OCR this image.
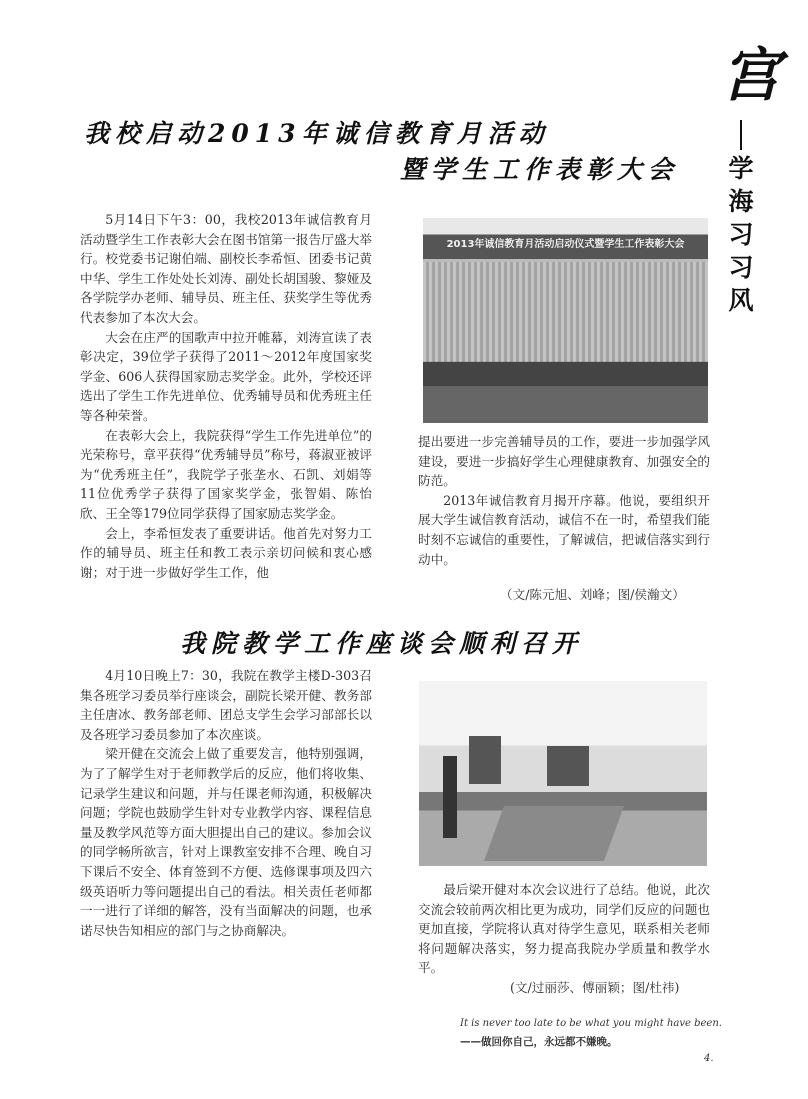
宫
学海习习风
我校启动2013年诚信教育月活动
暨学生工作表彰大会

5月14日下午3：00，我校2013年诚信教育月活动暨学生工作表彰大会在图书馆第一报告厅盛大举行。校党委书记谢伯端、副校长李希恒、团委书记黄中华、学生工作处处长刘涛、副处长胡国骏、黎娅及各学院学办老师、辅导员、班主任、获奖学生等优秀代表参加了本次大会。

大会在庄严的国歌声中拉开帷幕，刘涛宣读了表彰决定，39位学子获得了2011～2012年度国家奖学金、606人获得国家励志奖学金。此外，学校还评选出了学生工作先进单位、优秀辅导员和优秀班主任等各种荣誉。

在表彰大会上，我院获得“学生工作先进单位”的光荣称号，章平获得“优秀辅导员”称号，蒋淑亚被评为“优秀班主任”，我院学子张垄水、石凯、刘娟等11位优秀学子获得了国家奖学金，张智娟、陈怡欣、王全等179位同学获得了国家励志奖学金。

会上，李希恒发表了重要讲话。他首先对努力工作的辅导员、班主任和教工表示亲切问候和衷心感谢；对于进一步做好学生工作，他

2013年诚信教育月活动启动仪式暨学生工作表彰大会

提出要进一步完善辅导员的工作，要进一步加强学风建设，要进一步搞好学生心理健康教育、加强安全的防范。

2013年诚信教育月揭开序幕。他说，要组织开展大学生诚信教育活动，诚信不在一时，希望我们能时刻不忘诚信的重要性，了解诚信，把诚信落实到行动中。

（文/陈元旭、刘峰；图/侯瀚文）
我院教学工作座谈会顺利召开

4月10日晚上7：30，我院在教学主楼D-303召集各班学习委员举行座谈会，副院长梁开健、教务部主任唐冰、教务部老师、团总支学生会学习部部长以及各班学习委员参加了本次座谈。

梁开健在交流会上做了重要发言，他特别强调，为了了解学生对于老师教学后的反应，他们将收集、记录学生建议和问题，并与任课老师沟通，积极解决问题；学院也鼓励学生针对专业教学内容、课程信息量及教学风范等方面大胆提出自己的建议。参加会议的同学畅所欲言，针对上课教室安排不合理、晚自习下课后不安全、体育签到不方便、选修课事项及四六级英语听力等问题提出自己的看法。相关责任老师都一一进行了详细的解答，没有当面解决的问题，也承诺尽快告知相应的部门与之协商解决。

最后梁开健对本次会议进行了总结。他说，此次交流会较前两次相比更为成功，同学们反应的问题也更加直接，学院将认真对待学生意见，联系相关老师将问题解决落实，努力提高我院办学质量和教学水平。

(文/过丽莎、傅丽颖；图/杜祎)
It is never too late to be what you might have been.
——做回你自己，永远都不嫌晚。
4.
